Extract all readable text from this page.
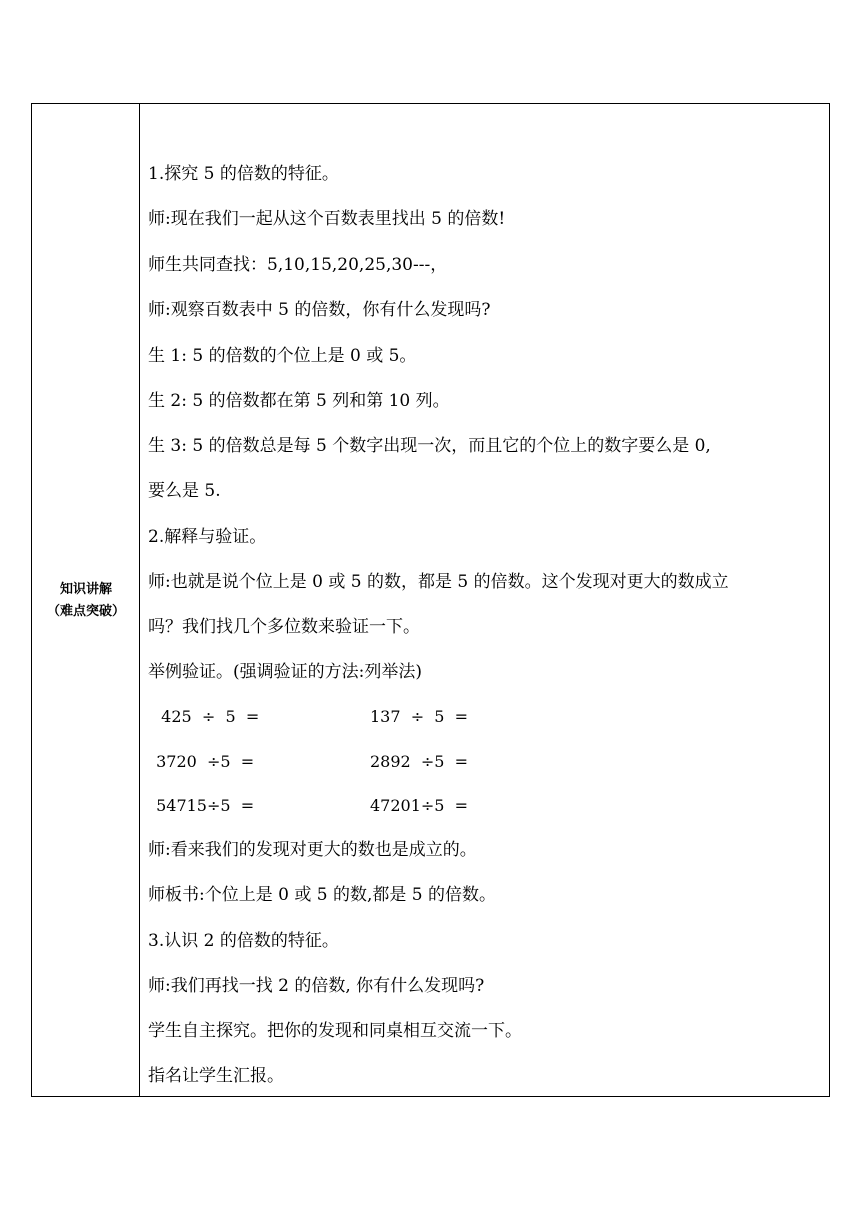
知识讲解
（难点突破）
1.探究 5 的倍数的特征。
师:现在我们一起从这个百数表里找出 5 的倍数!
师生共同查找：5,10,15,20,25,30---，
师:观察百数表中 5 的倍数，你有什么发现吗?
生 1: 5 的倍数的个位上是 0 或 5。
生 2: 5 的倍数都在第 5 列和第 10 列。
生 3: 5 的倍数总是每 5 个数字出现一次，而且它的个位上的数字要么是 0,
要么是 5.
2.解释与验证。
师:也就是说个位上是 0 或 5 的数，都是 5 的倍数。这个发现对更大的数成立
吗？我们找几个多位数来验证一下。
举例验证。(强调验证的方法:列举法)
425  ÷  5  =	137  ÷  5  =
3720  ÷5  =	2892  ÷5  =
54715÷5  =	47201÷5  =
师:看来我们的发现对更大的数也是成立的。
师板书:个位上是 0 或 5 的数,都是 5 的倍数。
3.认识 2 的倍数的特征。
师:我们再找一找 2 的倍数, 你有什么发现吗?
学生自主探究。把你的发现和同桌相互交流一下。
指名让学生汇报。
